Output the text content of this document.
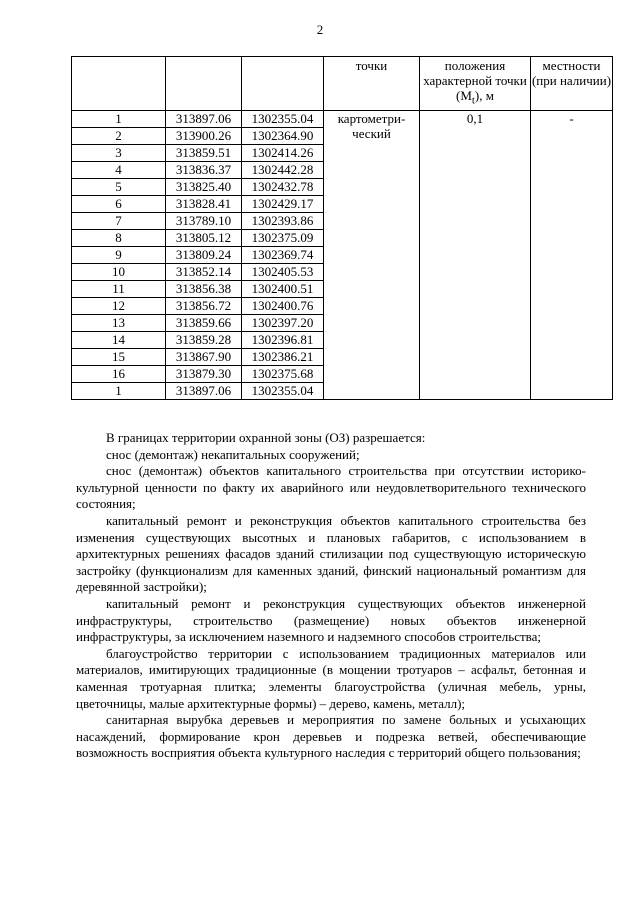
2
			точки	положения характерной точки $(M_t)$, м	местности (при наличии)
1	313897.06	1302355.04	картометри-ческий	0,1	-
2	313900.26	1302364.90			
3	313859.51	1302414.26			
4	313836.37	1302442.28			
5	313825.40	1302432.78			
6	313828.41	1302429.17			
7	313789.10	1302393.86			
8	313805.12	1302375.09			
9	313809.24	1302369.74			
10	313852.14	1302405.53			
11	313856.38	1302400.51			
12	313856.72	1302400.76			
13	313859.66	1302397.20			
14	313859.28	1302396.81			
15	313867.90	1302386.21			
16	313879.30	1302375.68			
1	313897.06	1302355.04			

В границах территории охранной зоны (ОЗ) разрешается:

снос (демонтаж) некапитальных сооружений;

снос (демонтаж) объектов капитального строительства при отсутствии историко-культурной ценности по факту их аварийного или неудовлетворительного технического состояния;

капитальный ремонт и реконструкция объектов капитального строительства без изменения существующих высотных и плановых габаритов, с использованием в архитектурных решениях фасадов зданий стилизации под существующую историческую застройку (функционализм для каменных зданий, финский национальный романтизм для деревянной застройки);

капитальный ремонт и реконструкция существующих объектов инженерной инфраструктуры, строительство (размещение) новых объектов инженерной инфраструктуры, за исключением наземного и надземного способов строительства;

благоустройство территории с использованием традиционных материалов или материалов, имитирующих традиционные (в мощении тротуаров – асфальт, бетонная и каменная тротуарная плитка; элементы благоустройства (уличная мебель, урны, цветочницы, малые архитектурные формы) – дерево, камень, металл);

санитарная вырубка деревьев и мероприятия по замене больных и усыхающих насаждений, формирование крон деревьев и подрезка ветвей, обеспечивающие возможность восприятия объекта культурного наследия с территорий общего пользования;
